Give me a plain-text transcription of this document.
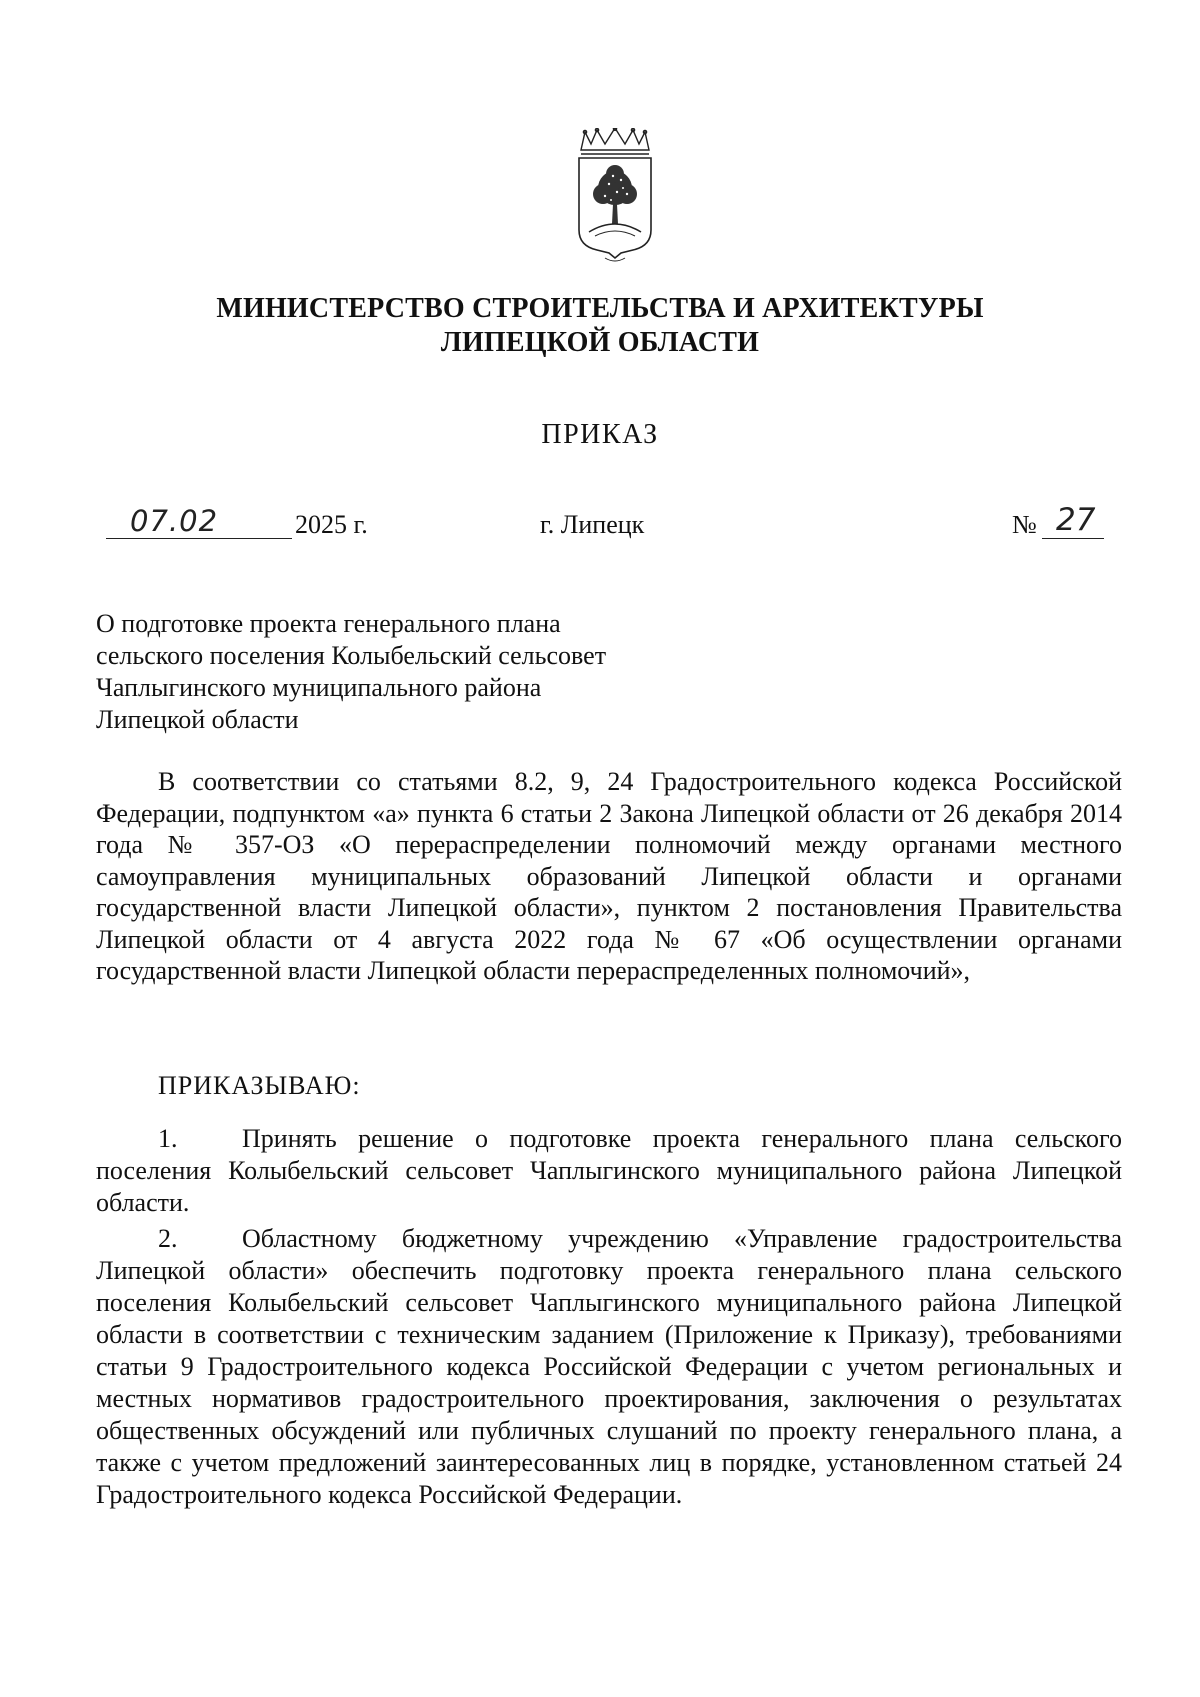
МИНИСТЕРСТВО СТРОИТЕЛЬСТВА И АРХИТЕКТУРЫ
ЛИПЕЦКОЙ ОБЛАСТИ
ПРИКАЗ
07.02	2025 г.	г. Липецк	№ 27
О подготовке проекта генерального плана
сельского поселения Колыбельский сельсовет
Чаплыгинского муниципального района
Липецкой области
В соответствии со статьями 8.2, 9, 24 Градостроительного кодекса Российской Федерации, подпунктом «а» пункта 6 статьи 2 Закона Липецкой области от 26 декабря 2014 года № 357-ОЗ «О перераспределении полномочий между органами местного самоуправления муниципальных образований Липецкой области и органами государственной власти Липецкой области», пунктом 2 постановления Правительства Липецкой области от 4 августа 2022 года № 67 «Об осуществлении органами государственной власти Липецкой области перераспределенных полномочий»,
ПРИКАЗЫВАЮ:
1. Принять решение о подготовке проекта генерального плана сельского поселения Колыбельский сельсовет Чаплыгинского муниципального района Липецкой области.
2. Областному бюджетному учреждению «Управление градостроительства Липецкой области» обеспечить подготовку проекта генерального плана сельского поселения Колыбельский сельсовет Чаплыгинского муниципального района Липецкой области в соответствии с техническим заданием (Приложение к Приказу), требованиями статьи 9 Градостроительного кодекса Российской Федерации с учетом региональных и местных нормативов градостроительного проектирования, заключения о результатах общественных обсуждений или публичных слушаний по проекту генерального плана, а также с учетом предложений заинтересованных лиц в порядке, установленном статьей 24 Градостроительного кодекса Российской Федерации.
